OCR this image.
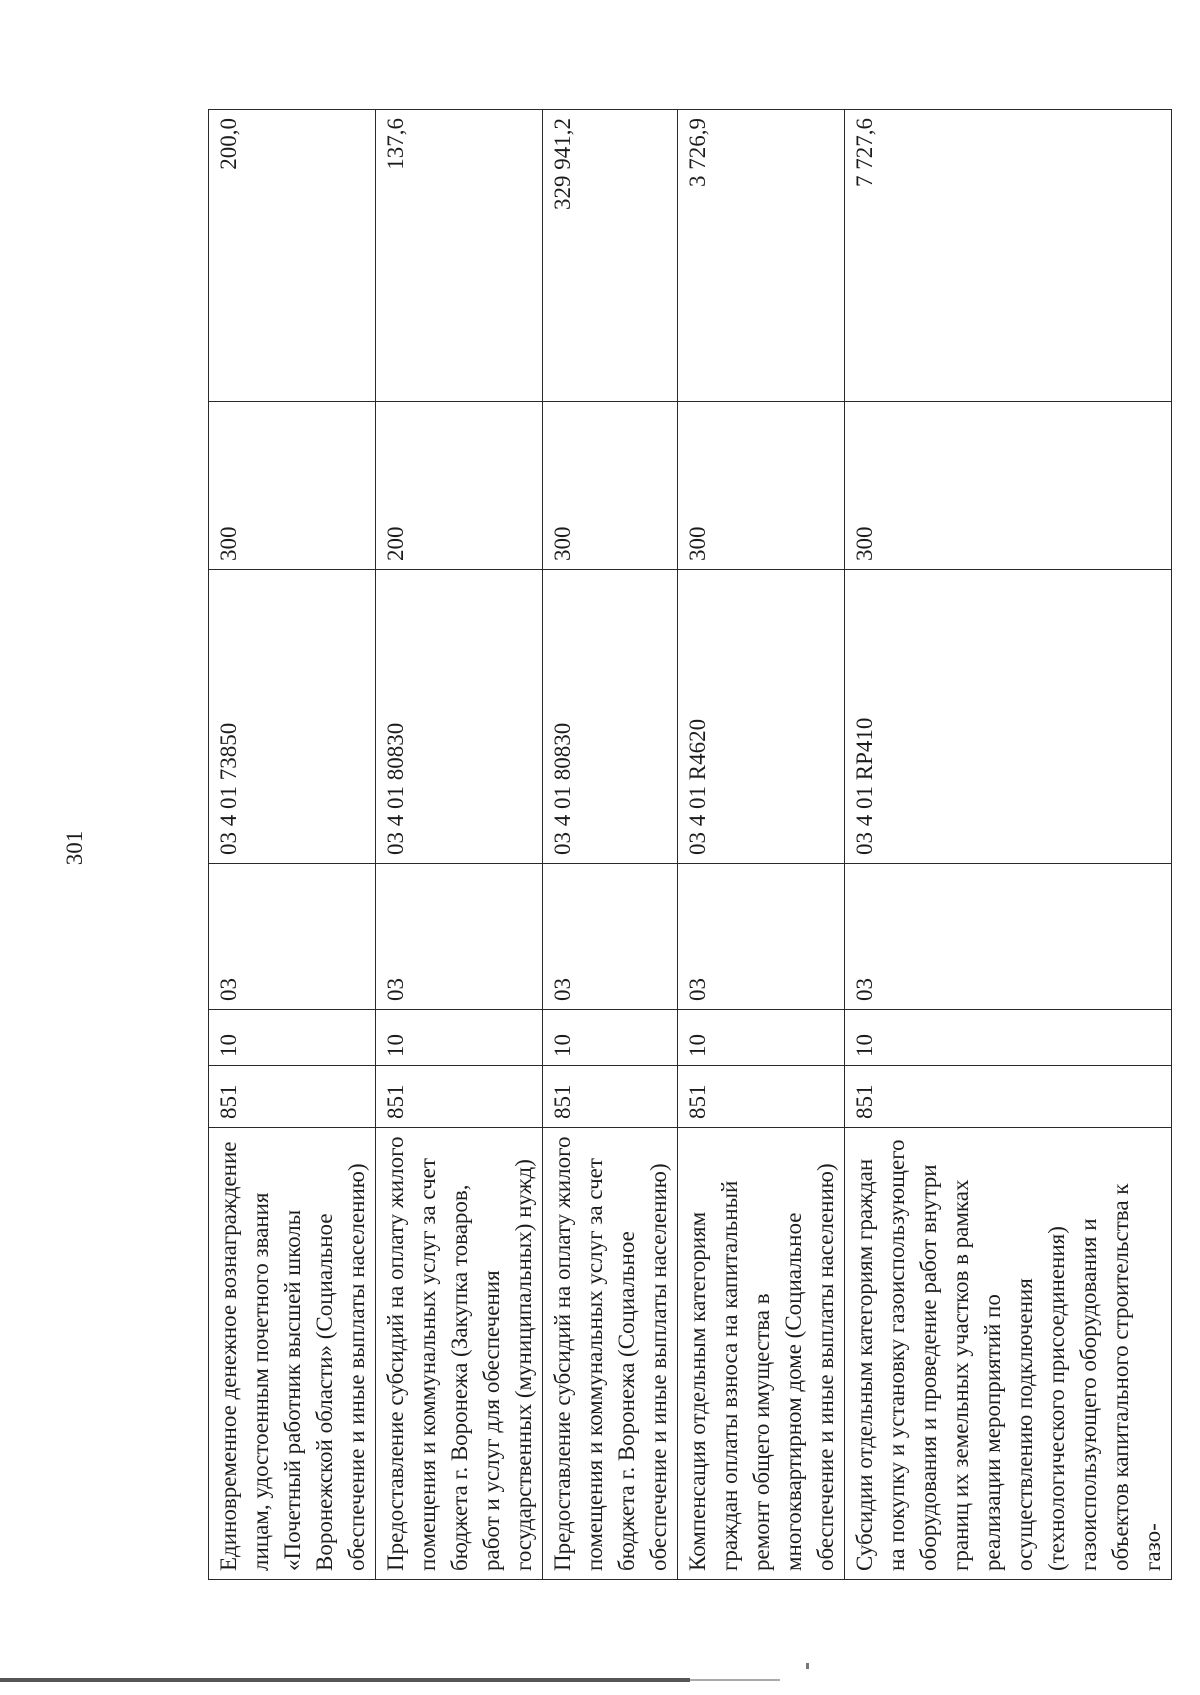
301
Единовременное денежное вознаграждение лицам, удостоенным почетного звания «Почетный работник высшей школы Воронежской области» (Социальное обеспечение и иные выплаты населению)	851	10	03	03 4 01 73850	300	200,0
Предоставление субсидий на оплату жилого помещения и коммунальных услуг за счет бюджета г. Воронежа (Закупка товаров, работ и услуг для обеспечения государственных (муниципальных) нужд)	851	10	03	03 4 01 80830	200	137,6
Предоставление субсидий на оплату жилого помещения и коммунальных услуг за счет бюджета г. Воронежа (Социальное обеспечение и иные выплаты населению)	851	10	03	03 4 01 80830	300	329 941,2
Компенсация отдельным категориям граждан оплаты взноса на капитальный ремонт общего имущества в многоквартирном доме (Социальное обеспечение и иные выплаты населению)	851	10	03	03 4 01 R4620	300	3 726,9
Субсидии отдельным категориям граждан на покупку и установку газоиспользующего оборудования и проведение работ внутри границ их земельных участков в рамках реализации мероприятий по осуществлению подключения (технологического присоединения) газоиспользующего оборудования и объектов капитального строительства к газо-	851	10	03	03 4 01 RP410	300	7 727,6
